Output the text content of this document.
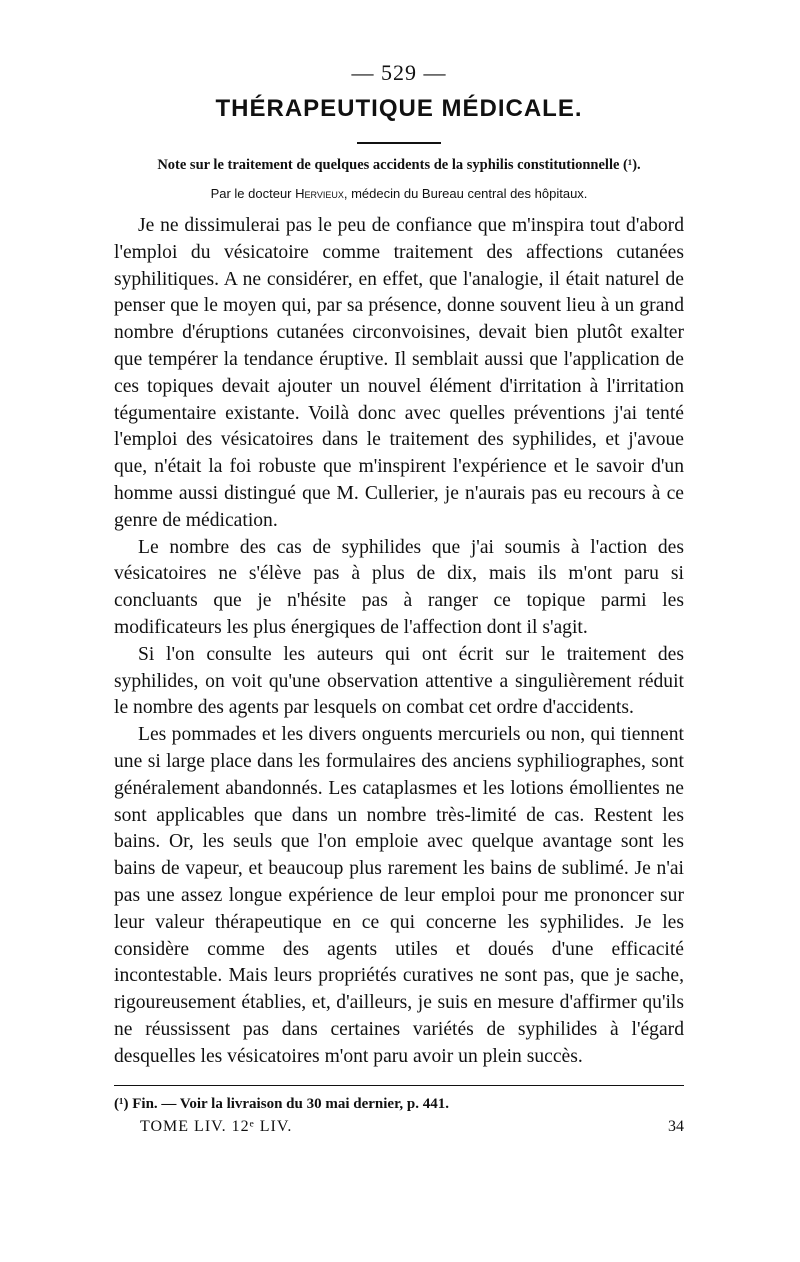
— 529 —
THÉRAPEUTIQUE MÉDICALE.
Note sur le traitement de quelques accidents de la syphilis constitutionnelle (¹).
Par le docteur Hervieux, médecin du Bureau central des hôpitaux.

Je ne dissimulerai pas le peu de confiance que m'inspira tout d'abord l'emploi du vésicatoire comme traitement des affections cutanées syphilitiques. A ne considérer, en effet, que l'analogie, il était naturel de penser que le moyen qui, par sa présence, donne souvent lieu à un grand nombre d'éruptions cutanées circonvoisines, devait bien plutôt exalter que tempérer la tendance éruptive. Il semblait aussi que l'application de ces topiques devait ajouter un nouvel élément d'irritation à l'irritation tégumentaire existante. Voilà donc avec quelles préventions j'ai tenté l'emploi des vésicatoires dans le traitement des syphilides, et j'avoue que, n'était la foi robuste que m'inspirent l'expérience et le savoir d'un homme aussi distingué que M. Cullerier, je n'aurais pas eu recours à ce genre de médication.

Le nombre des cas de syphilides que j'ai soumis à l'action des vésicatoires ne s'élève pas à plus de dix, mais ils m'ont paru si concluants que je n'hésite pas à ranger ce topique parmi les modificateurs les plus énergiques de l'affection dont il s'agit.

Si l'on consulte les auteurs qui ont écrit sur le traitement des syphilides, on voit qu'une observation attentive a singulièrement réduit le nombre des agents par lesquels on combat cet ordre d'accidents.

Les pommades et les divers onguents mercuriels ou non, qui tiennent une si large place dans les formulaires des anciens syphiliographes, sont généralement abandonnés. Les cataplasmes et les lotions émollientes ne sont applicables que dans un nombre très-limité de cas. Restent les bains. Or, les seuls que l'on emploie avec quelque avantage sont les bains de vapeur, et beaucoup plus rarement les bains de sublimé. Je n'ai pas une assez longue expérience de leur emploi pour me prononcer sur leur valeur thérapeutique en ce qui concerne les syphilides. Je les considère comme des agents utiles et doués d'une efficacité incontestable. Mais leurs propriétés curatives ne sont pas, que je sache, rigoureusement établies, et, d'ailleurs, je suis en mesure d'affirmer qu'ils ne réussissent pas dans certaines variétés de syphilides à l'égard desquelles les vésicatoires m'ont paru avoir un plein succès.

(¹) Fin. — Voir la livraison du 30 mai dernier, p. 441.
TOME LIV. 12ᵉ LIV.	34
